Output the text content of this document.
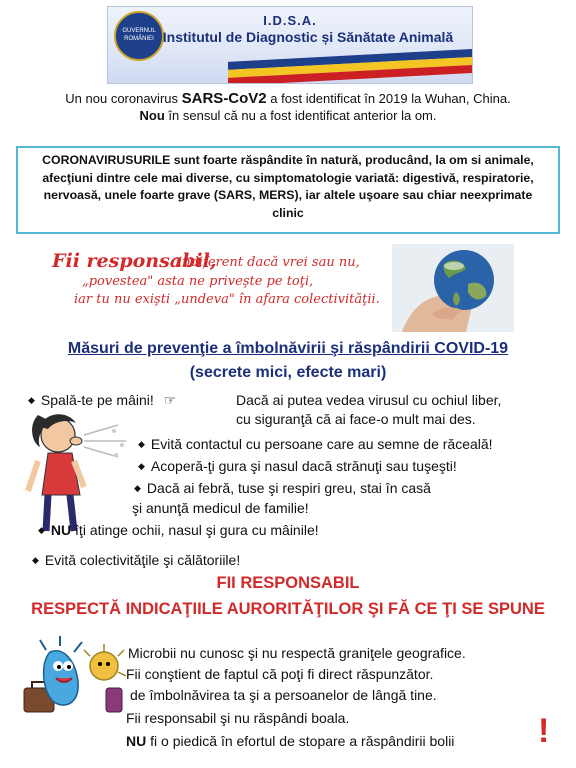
GUVERNUL ROMÂNIEI
I.D.S.A.
Institutul de Diagnostic și Sănătate Animală
Un nou coronavirus SARS-CoV2 a fost identificat în 2019 la Wuhan, China.
Nou în sensul că nu a fost identificat anterior la om.
CORONAVIRUSURILE sunt foarte răspândite în natură, producând, la om si animale, afecţiuni dintre cele mai diverse, cu simptomatologie variată: digestivă, respiratorie, nervoasă, unele foarte grave (SARS, MERS), iar altele uşoare sau chiar neexprimate clinic
Fii responsabil,
indiferent dacă vrei sau nu,
„povestea" asta ne priveşte pe toţi,
iar tu nu exişti „undeva" în afara colectivităţii.
Măsuri de prevenţie a îmbolnăvirii şi răspândirii COVID-19
(secrete mici, efecte mari)
◆ Spală-te pe mâini! ☞	Dacă ai putea vedea virusul cu ochiul liber,
cu siguranţă că ai face-o mult mai des.
◆ Evită contactul cu persoane care au semne de răceală!
◆ Acoperă-ţi gura şi nasul dacă strănuţi sau tuşeşti!
◆ Dacă ai febră, tuse şi respiri greu, stai în casă
şi anunţă medicul de familie!
◆ NU îţi atinge ochii, nasul şi gura cu mâinile!
◆ Evită colectivităţile şi călătoriile!
FII RESPONSABIL
RESPECTĂ INDICAŢIILE AURORITĂŢILOR ŞI FĂ CE ŢI SE SPUNE
Microbii nu cunosc şi nu respectă graniţele geografice.
Fii conştient de faptul că poţi fi direct răspunzător.
de îmbolnăvirea ta şi a persoanelor de lângă tine.
Fii responsabil şi nu răspândi boala.
NU fi o piedică în efortul de stopare a răspândirii bolii !
